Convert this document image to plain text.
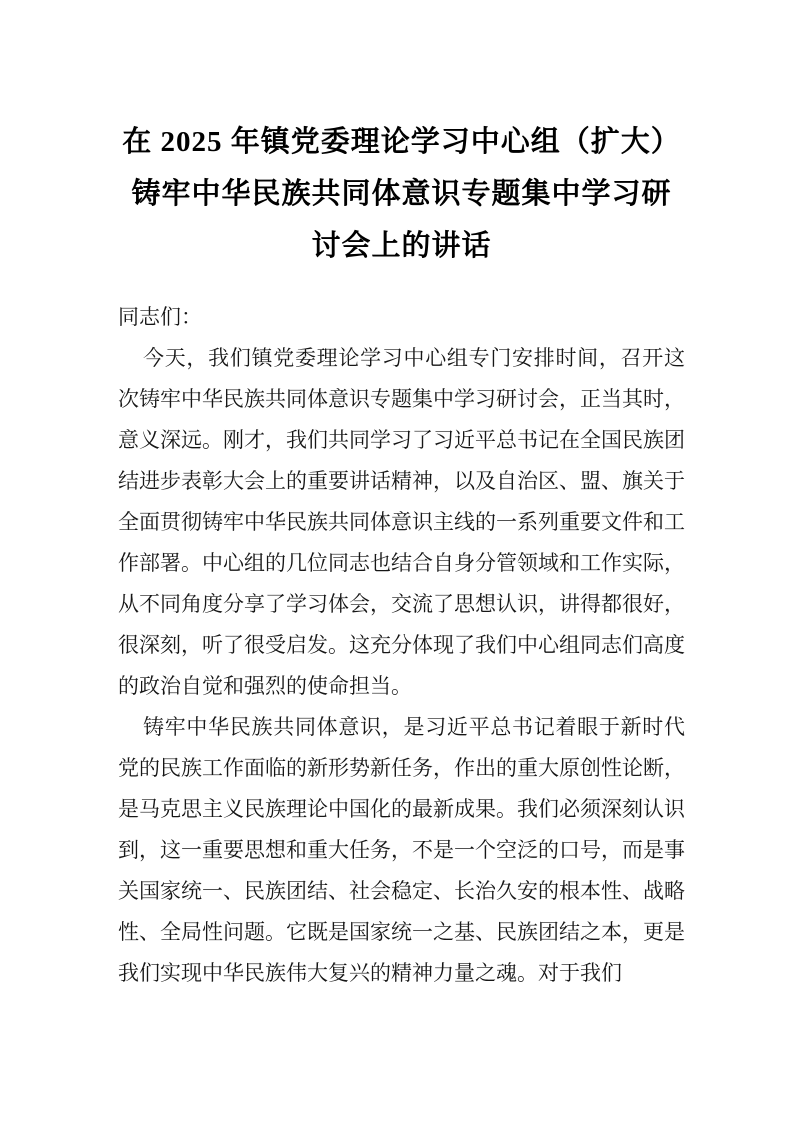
在 2025 年镇党委理论学习中心组（扩大）
铸牢中华民族共同体意识专题集中学习研
讨会上的讲话

同志们：

今天，我们镇党委理论学习中心组专门安排时间，召开这次铸牢中华民族共同体意识专题集中学习研讨会，正当其时，意义深远。刚才，我们共同学习了习近平总书记在全国民族团结进步表彰大会上的重要讲话精神，以及自治区、盟、旗关于全面贯彻铸牢中华民族共同体意识主线的一系列重要文件和工作部署。中心组的几位同志也结合自身分管领域和工作实际，从不同角度分享了学习体会，交流了思想认识，讲得都很好，很深刻，听了很受启发。这充分体现了我们中心组同志们高度的政治自觉和强烈的使命担当。

铸牢中华民族共同体意识，是习近平总书记着眼于新时代党的民族工作面临的新形势新任务，作出的重大原创性论断，是马克思主义民族理论中国化的最新成果。我们必须深刻认识到，这一重要思想和重大任务，不是一个空泛的口号，而是事关国家统一、民族团结、社会稳定、长治久安的根本性、战略性、全局性问题。它既是国家统一之基、民族团结之本，更是我们实现中华民族伟大复兴的精神力量之魂。对于我们
